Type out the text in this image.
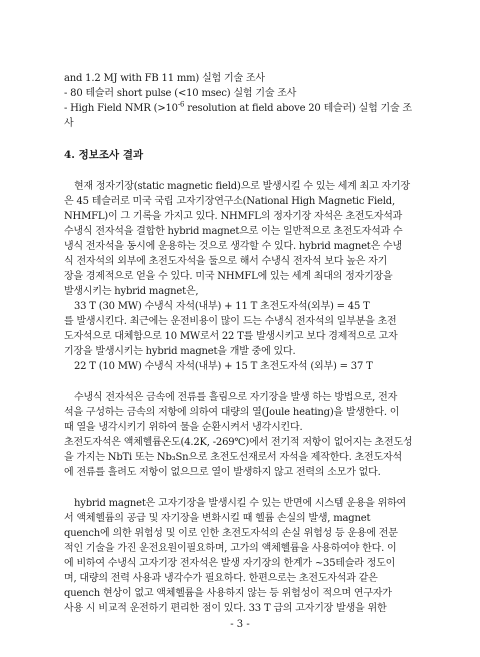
and 1.2 MJ with FB 11 mm) 실험 기술 조사

- 80 테슬러 short pulse (<10 msec) 실험 기술 조사

- High Field NMR ($>10^{-6}$ resolution at field above 20 테슬러) 실험 기술 조

사

4. 정보조사 결과

현재 정자기장(static magnetic field)으로 발생시킬 수 있는 세계 최고 자기장

은 45 테슬러로 미국 국립 고자기장연구소(National High Magnetic Field,

NHMFL)이 그 기록을 가지고 있다. NHMFL의 정자기장 자석은 초전도자석과

수냉식 전자석을 결합한 hybrid magnet으로 이는 일반적으로 초전도자석과 수

냉식 전자석을 동시에 운용하는 것으로 생각할 수 있다. hybrid magnet은 수냉

식 전자석의 외부에 초전도자석을 둘으로 해서 수냉식 전자석 보다 높은 자기

장을 경제적으로 얻을 수 있다. 미국 NHMFL에 있는 세계 최대의 정자기장을

발생시키는 hybrid magnet은,

33 T (30 MW) 수냉식 자석(내부) + 11 T 초전도자석(외부) = 45 T

를 발생시킨다. 최근에는 운전비용이 많이 드는 수냉식 전자석의 일부분을 초전

도자석으로 대체함으로 10 MW로서 22 T를 발생시키고 보다 경제적으로 고자

기장을 발생시키는 hybrid magnet을 개발 중에 있다.

22 T (10 MW) 수냉식 자석(내부) + 15 T 초전도자석 (외부) = 37 T

수냉식 전자석은 금속에 전류를 흘림으로 자기장을 발생 하는 방법으로, 전자

석을 구성하는 금속의 저항에 의하여 대량의 열(Joule heating)을 발생한다. 이

때 열을 냉각시키기 위하여 물을 순환시켜서 냉각시킨다.

초전도자석은 액체헬륨온도(4.2K, -269℃)에서 전기적 저항이 없어지는 초전도성

을 가지는 NbTi 또는 Nb₃Sn으로 초전도선재로서 자석을 제작한다. 초전도자석

에 전류를 흘려도 저항이 없으므로 열이 발생하지 않고 전력의 소모가 없다.

hybrid magnet은 고자기장을 발생시킬 수 있는 반면에 시스템 운용을 위하여

서 액체헬륨의 공급 및 자기장을 변화시킬 때 헬륨 손실의 발생, magnet

quench에 의한 위험성 및 이로 인한 초전도자석의 손실 위험성 등 운용에 전문

적인 기술을 가진 운전요원이필요하며, 고가의 액체헬륨을 사용하여야 한다. 이

에 비하여 수냉식 고자기장 전자석은 발생 자기장의 한계가 ~35테슬라 정도이

며, 대량의 전력 사용과 냉각수가 필요하다. 한편으로는 초전도자석과 같은

quench 현상이 없고 액체헬륨을 사용하지 않는 등 위험성이 적으며 연구자가

사용 시 비교적 운전하기 편리한 점이 있다. 33 T 급의 고자기장 발생을 위한

- 3 -
